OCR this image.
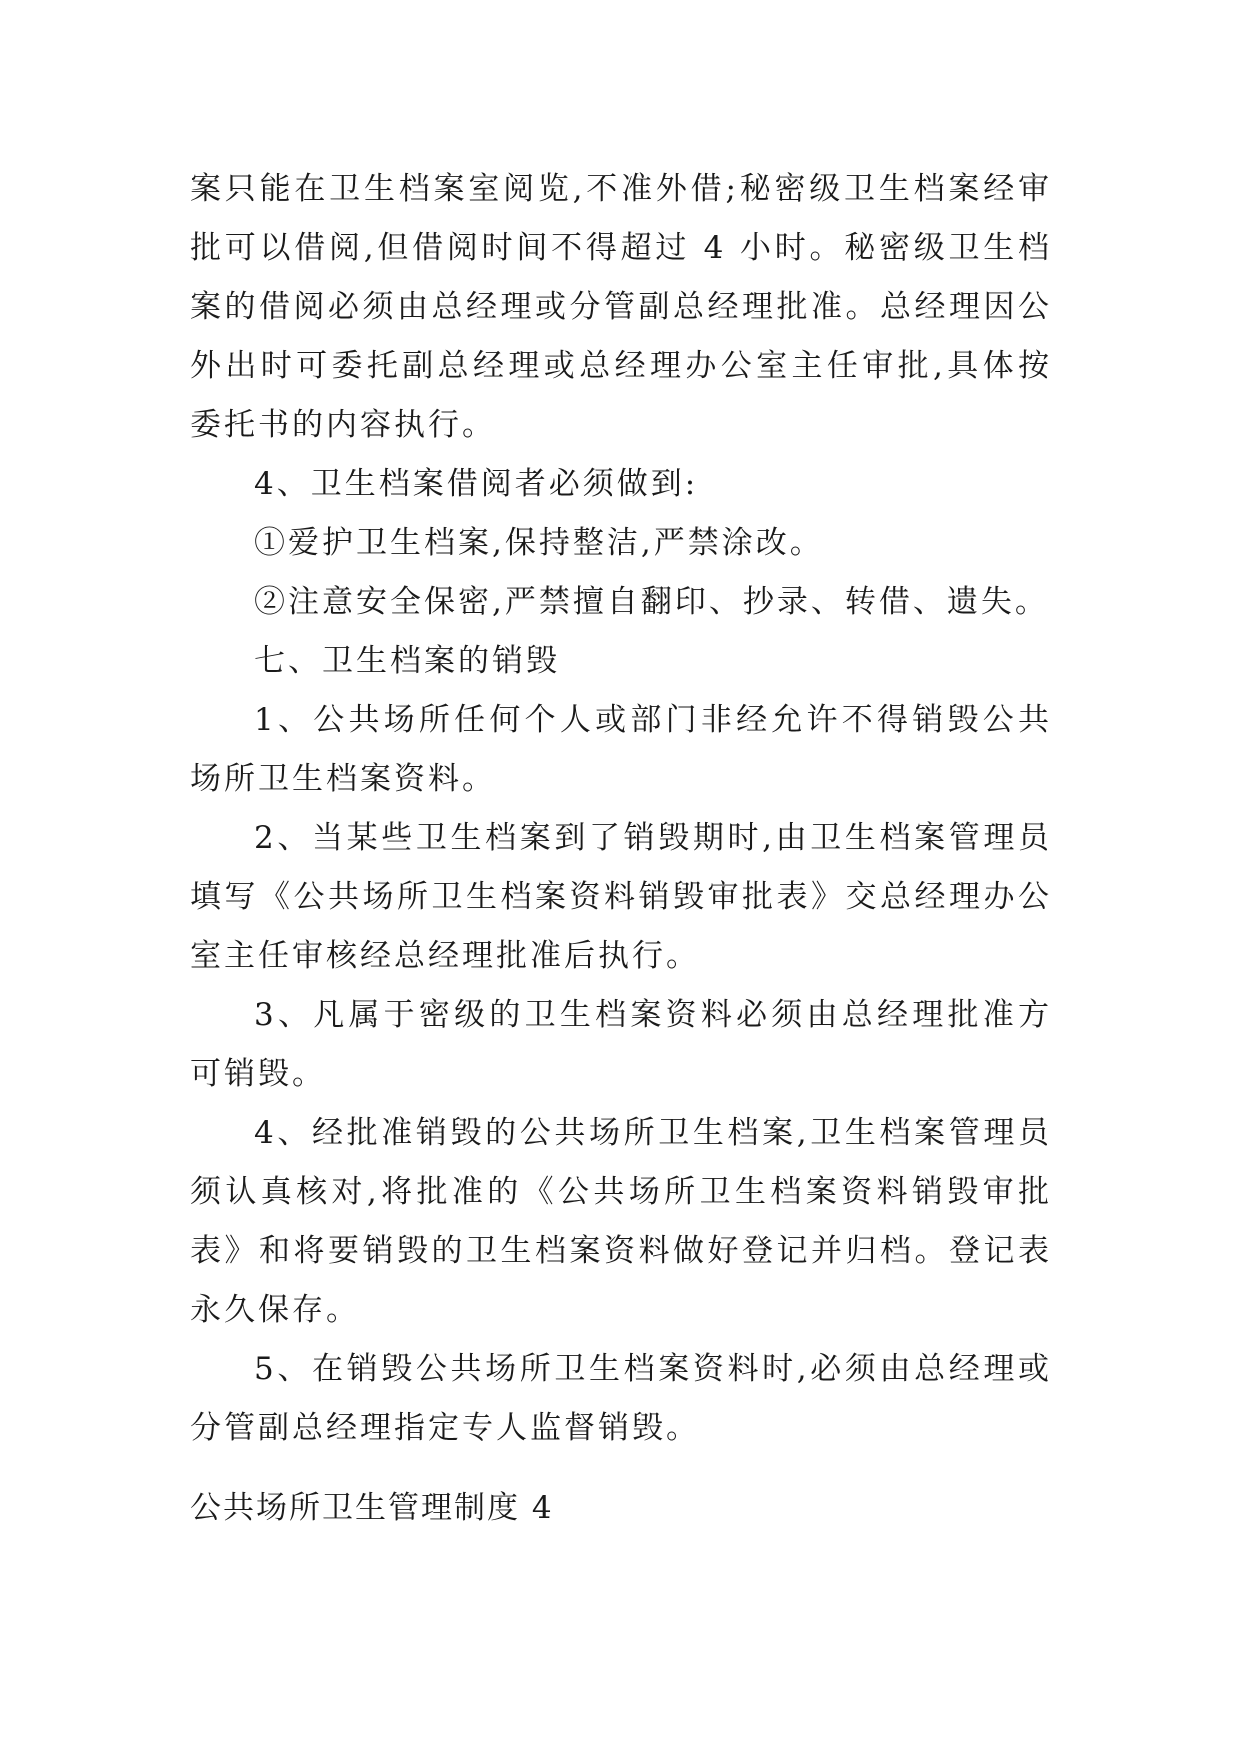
案只能在卫生档案室阅览,不准外借;秘密级卫生档案经审批可以借阅,但借阅时间不得超过 4 小时。秘密级卫生档案的借阅必须由总经理或分管副总经理批准。总经理因公外出时可委托副总经理或总经理办公室主任审批,具体按委托书的内容执行。

4、卫生档案借阅者必须做到:

①爱护卫生档案,保持整洁,严禁涂改。

②注意安全保密,严禁擅自翻印、抄录、转借、遗失。

七、卫生档案的销毁

1、公共场所任何个人或部门非经允许不得销毁公共场所卫生档案资料。

2、当某些卫生档案到了销毁期时,由卫生档案管理员填写《公共场所卫生档案资料销毁审批表》交总经理办公室主任审核经总经理批准后执行。

3、凡属于密级的卫生档案资料必须由总经理批准方可销毁。

4、经批准销毁的公共场所卫生档案,卫生档案管理员须认真核对,将批准的《公共场所卫生档案资料销毁审批表》和将要销毁的卫生档案资料做好登记并归档。登记表永久保存。

5、在销毁公共场所卫生档案资料时,必须由总经理或分管副总经理指定专人监督销毁。

公共场所卫生管理制度 4
